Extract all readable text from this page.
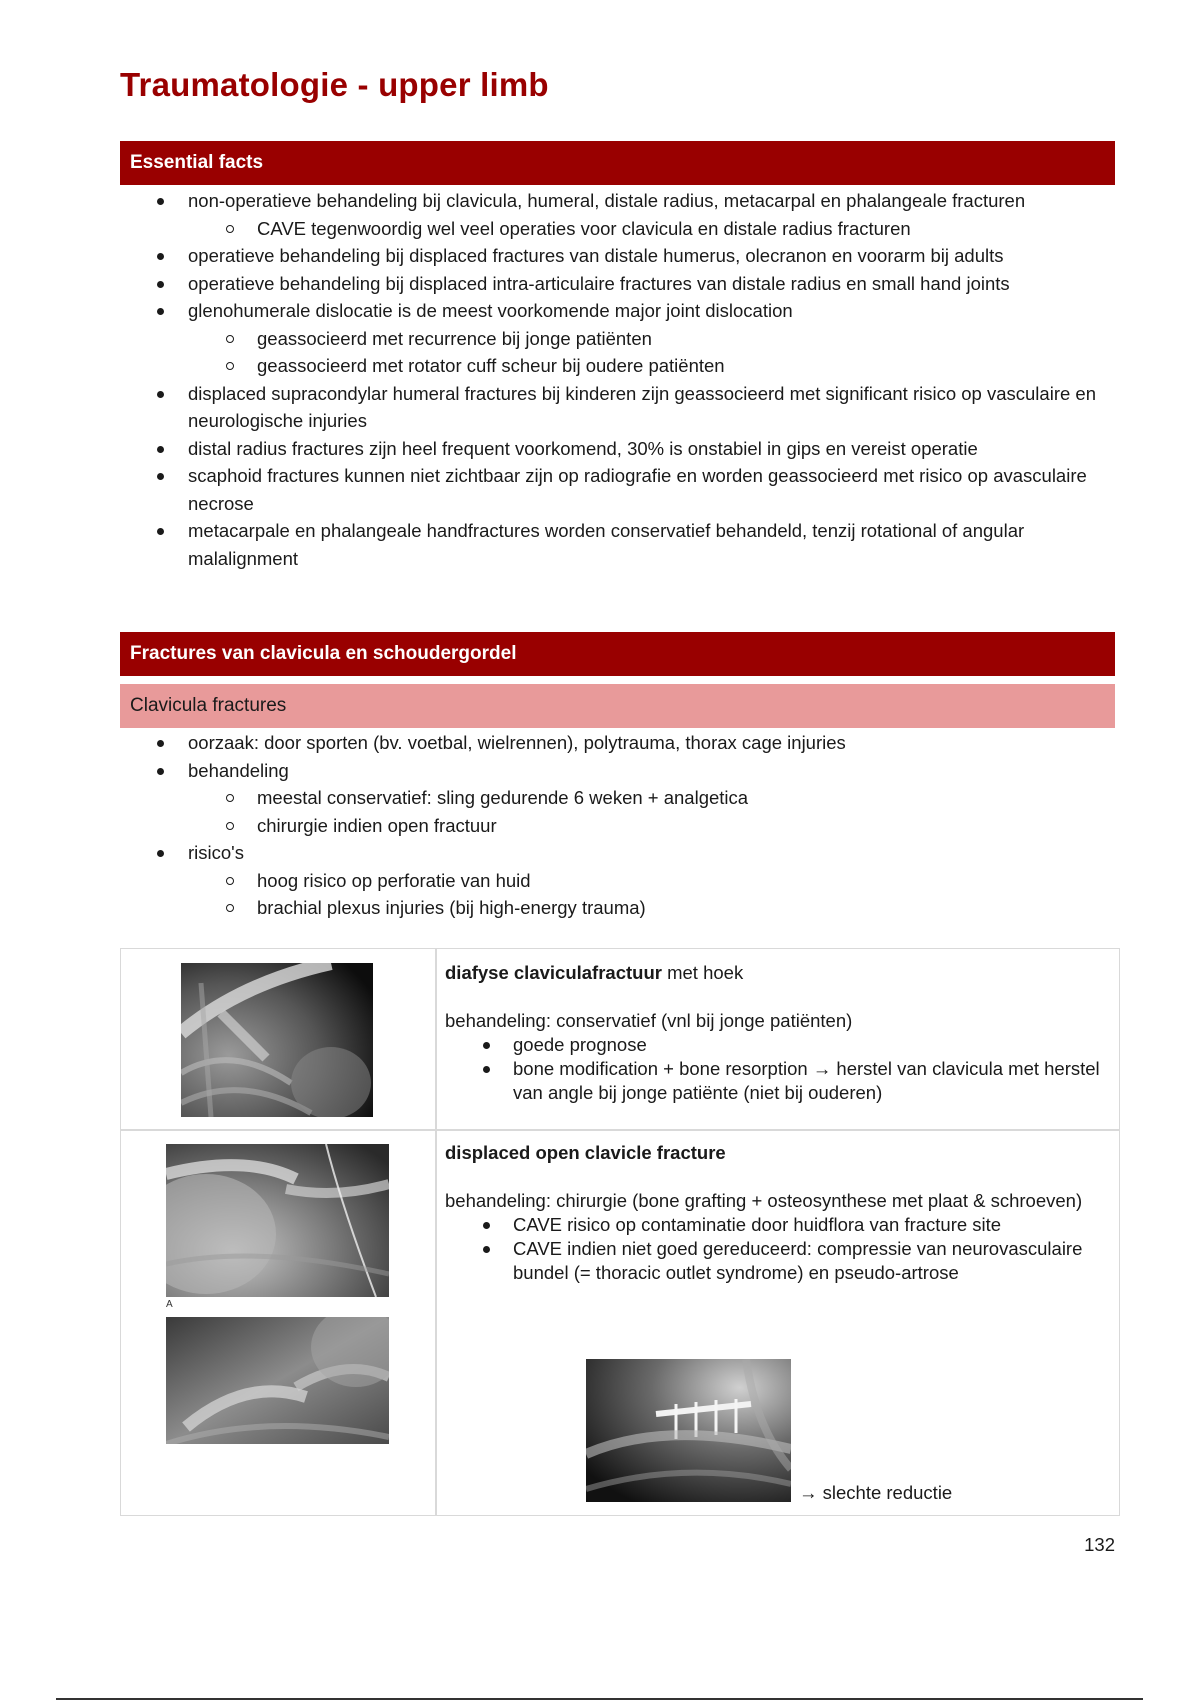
Traumatologie - upper limb
Essential facts
non-operatieve behandeling bij clavicula, humeral, distale radius, metacarpal en phalangeale fracturen
CAVE tegenwoordig wel veel operaties voor clavicula en distale radius fracturen
operatieve behandeling bij displaced fractures van distale humerus, olecranon en voorarm bij adults
operatieve behandeling bij displaced intra-articulaire fractures van distale radius en small hand joints
glenohumerale dislocatie is de meest voorkomende major joint dislocation
geassocieerd met recurrence bij jonge patiënten
geassocieerd met rotator cuff scheur bij oudere patiënten
displaced supracondylar humeral fractures bij kinderen zijn geassocieerd met significant risico op vasculaire en neurologische injuries
distal radius fractures zijn heel frequent voorkomend, 30% is onstabiel in gips en vereist operatie
scaphoid fractures kunnen niet zichtbaar zijn op radiografie en worden geassocieerd met risico op avasculaire necrose
metacarpale en phalangeale handfractures worden conservatief behandeld, tenzij rotational of angular malalignment
Fractures van clavicula en schoudergordel
Clavicula fractures
oorzaak: door sporten (bv. voetbal, wielrennen), polytrauma, thorax cage injuries
behandeling
meestal conservatief: sling gedurende 6 weken + analgetica
chirurgie indien open fractuur
risico's
hoog risico op perforatie van huid
brachial plexus injuries (bij high-energy trauma)

diafyse claviculafractuur met hoek

behandeling: conservatief (vnl bij jonge patiënten)

goede prognose

bone modification + bone resorption → herstel van clavicula met herstel van angle bij jonge patiënte (niet bij ouderen)

A

displaced open clavicle fracture

behandeling: chirurgie (bone grafting + osteosynthese met plaat & schroeven)

CAVE risico op contaminatie door huidflora van fracture site

CAVE indien niet goed gereduceerd: compressie van neurovasculaire bundel (= thoracic outlet syndrome) en pseudo-artrose

→ slechte reductie
132
